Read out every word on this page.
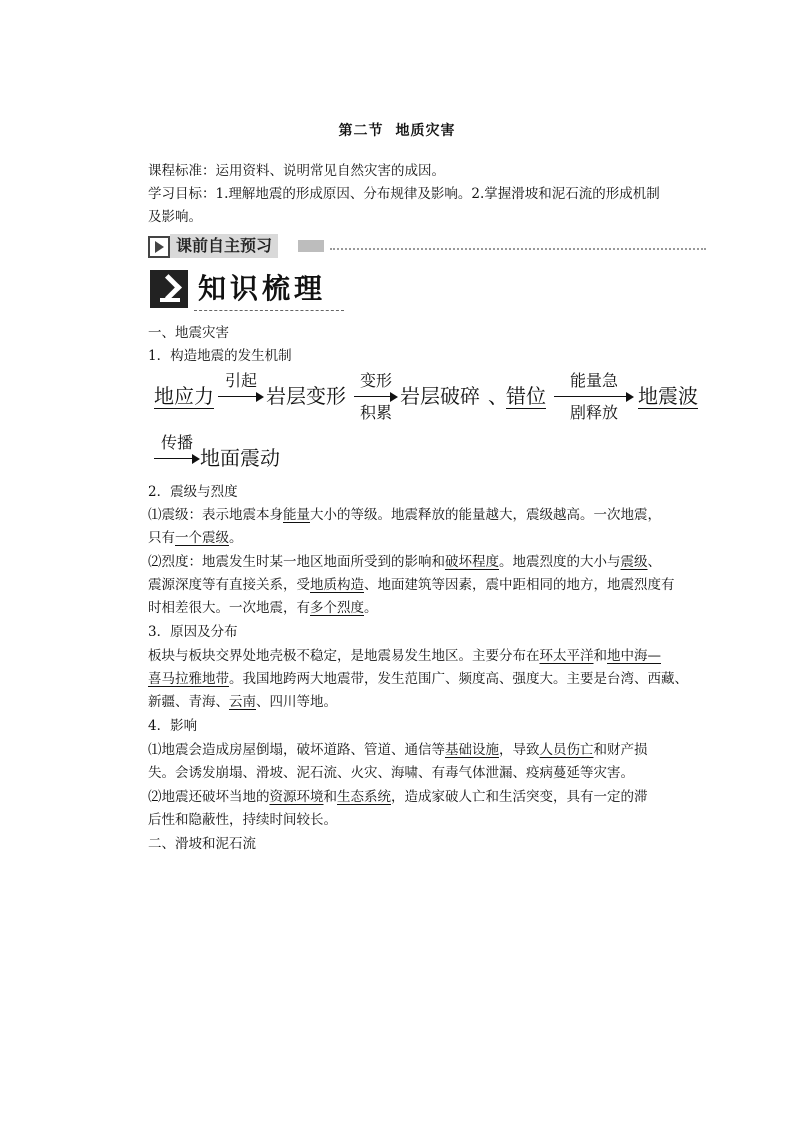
第二节 地质灾害
课程标准：运用资料、说明常见自然灾害的成因。
学习目标：1.理解地震的形成原因、分布规律及影响。2.掌握滑坡和泥石流的形成机制
及影响。
课前自主预习
知识梳理
一、地震灾害
1．构造地震的发生机制
地应力
引起
岩层变形
变形
积累
岩层破碎 、
错位
能量急
剧释放
地震波
传播
地面震动
2．震级与烈度
⑴震级：表示地震本身能量大小的等级。地震释放的能量越大，震级越高。一次地震，
只有一个震级。
⑵烈度：地震发生时某一地区地面所受到的影响和破坏程度。地震烈度的大小与震级、
震源深度等有直接关系，受地质构造、地面建筑等因素，震中距相同的地方，地震烈度有
时相差很大。一次地震，有多个烈度。
3．原因及分布
板块与板块交界处地壳极不稳定，是地震易发生地区。主要分布在环太平洋和地中海—
喜马拉雅地带。我国地跨两大地震带，发生范围广、频度高、强度大。主要是台湾、西藏、
新疆、青海、云南、四川等地。
4．影响
⑴地震会造成房屋倒塌，破坏道路、管道、通信等基础设施，导致人员伤亡和财产损
失。会诱发崩塌、滑坡、泥石流、火灾、海啸、有毒气体泄漏、疫病蔓延等灾害。
⑵地震还破坏当地的资源环境和生态系统，造成家破人亡和生活突变，具有一定的滞
后性和隐蔽性，持续时间较长。
二、滑坡和泥石流
